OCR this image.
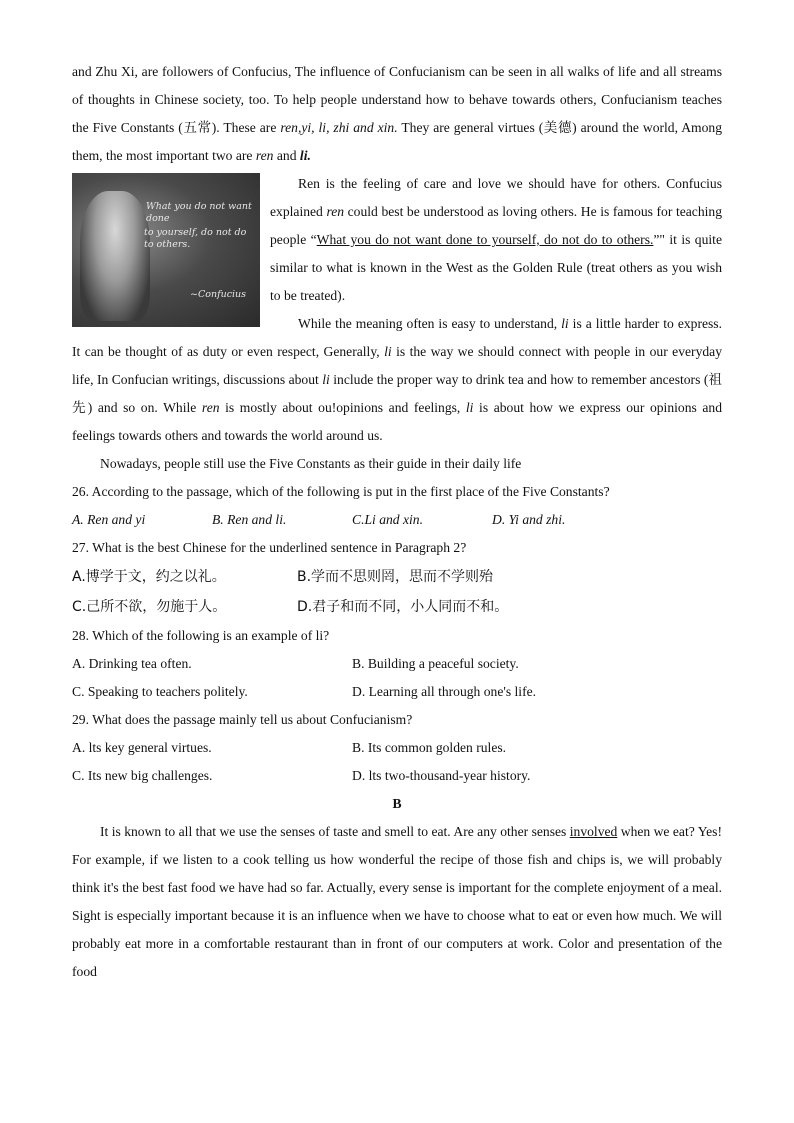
and Zhu Xi, are followers of Confucius, The influence of Confucianism can be seen in all walks of life and all streams of thoughts in Chinese society, too. To help people understand how to behave towards others, Confucianism teaches the Five Constants (五常). These are ren,yi, li, zhi and xin. They are general virtues (美德) around the world, Among them, the most important two are ren and li.
What you do not want done
to yourself, do not do to others.
~Confucius
Ren is the feeling of care and love we should have for others. Confucius explained ren could best be understood as loving others. He is famous for teaching people “What you do not want done to yourself, do not do to others.”" it is quite similar to what is known in the West as the Golden Rule (treat others as you wish to be treated).
While the meaning often is easy to understand, li is a little harder to express. It can be thought of as duty or even respect, Generally, li is the way we should connect with people in our everyday life, In Confucian writings, discussions about li include the proper way to drink tea and how to remember ancestors (祖先) and so on. While ren is mostly about ou!opinions and feelings, li is about how we express our opinions and feelings towards others and towards the world around us.
Nowadays, people still use the Five Constants as their guide in their daily life
26. According to the passage, which of the following is put in the first place of the Five Constants?
A. Ren and yi	B. Ren and li.	C.Li and xin.	D. Yi and zhi.
27. What is the best Chinese for the underlined sentence in Paragraph 2?
A.博学于文，约之以礼。	B.学而不思则罔，思而不学则殆
C.己所不欲，勿施于人。	D.君子和而不同，小人同而不和。
28. Which of the following is an example of li?
A. Drinking tea often.	B. Building a peaceful society.
C. Speaking to teachers politely.	D. Learning all through one's life.
29. What does the passage mainly tell us about Confucianism?
A. lts key general virtues.	B. Its common golden rules.
C. Its new big challenges.	D. lts two-thousand-year history.
B
It is known to all that we use the senses of taste and smell to eat. Are any other senses involved when we eat? Yes! For example, if we listen to a cook telling us how wonderful the recipe of those fish and chips is, we will probably think it's the best fast food we have had so far. Actually, every sense is important for the complete enjoyment of a meal. Sight is especially important because it is an influence when we have to choose what to eat or even how much. We will probably eat more in a comfortable restaurant than in front of our computers at work. Color and presentation of the food
